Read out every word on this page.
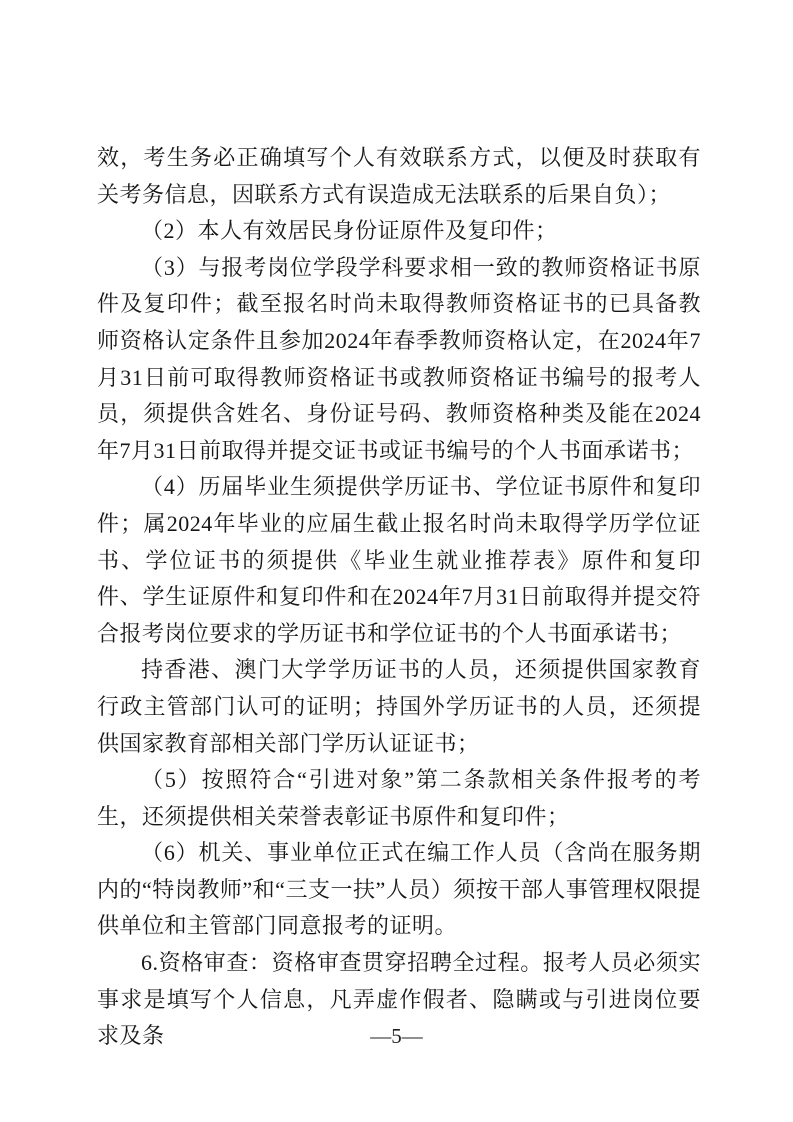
效，考生务必正确填写个人有效联系方式，以便及时获取有关考务信息，因联系方式有误造成无法联系的后果自负）；

（2）本人有效居民身份证原件及复印件；

（3）与报考岗位学段学科要求相一致的教师资格证书原件及复印件；截至报名时尚未取得教师资格证书的已具备教师资格认定条件且参加2024年春季教师资格认定，在2024年7月31日前可取得教师资格证书或教师资格证书编号的报考人员，须提供含姓名、身份证号码、教师资格种类及能在2024年7月31日前取得并提交证书或证书编号的个人书面承诺书；

（4）历届毕业生须提供学历证书、学位证书原件和复印件；属2024年毕业的应届生截止报名时尚未取得学历学位证书、学位证书的须提供《毕业生就业推荐表》原件和复印件、学生证原件和复印件和在2024年7月31日前取得并提交符合报考岗位要求的学历证书和学位证书的个人书面承诺书；

持香港、澳门大学学历证书的人员，还须提供国家教育行政主管部门认可的证明；持国外学历证书的人员，还须提供国家教育部相关部门学历认证证书；

（5）按照符合“引进对象”第二条款相关条件报考的考生，还须提供相关荣誉表彰证书原件和复印件；

（6）机关、事业单位正式在编工作人员（含尚在服务期内的“特岗教师”和“三支一扶”人员）须按干部人事管理权限提供单位和主管部门同意报考的证明。

6.资格审查：资格审查贯穿招聘全过程。报考人员必须实事求是填写个人信息，凡弄虚作假者、隐瞒或与引进岗位要求及条	—5—
